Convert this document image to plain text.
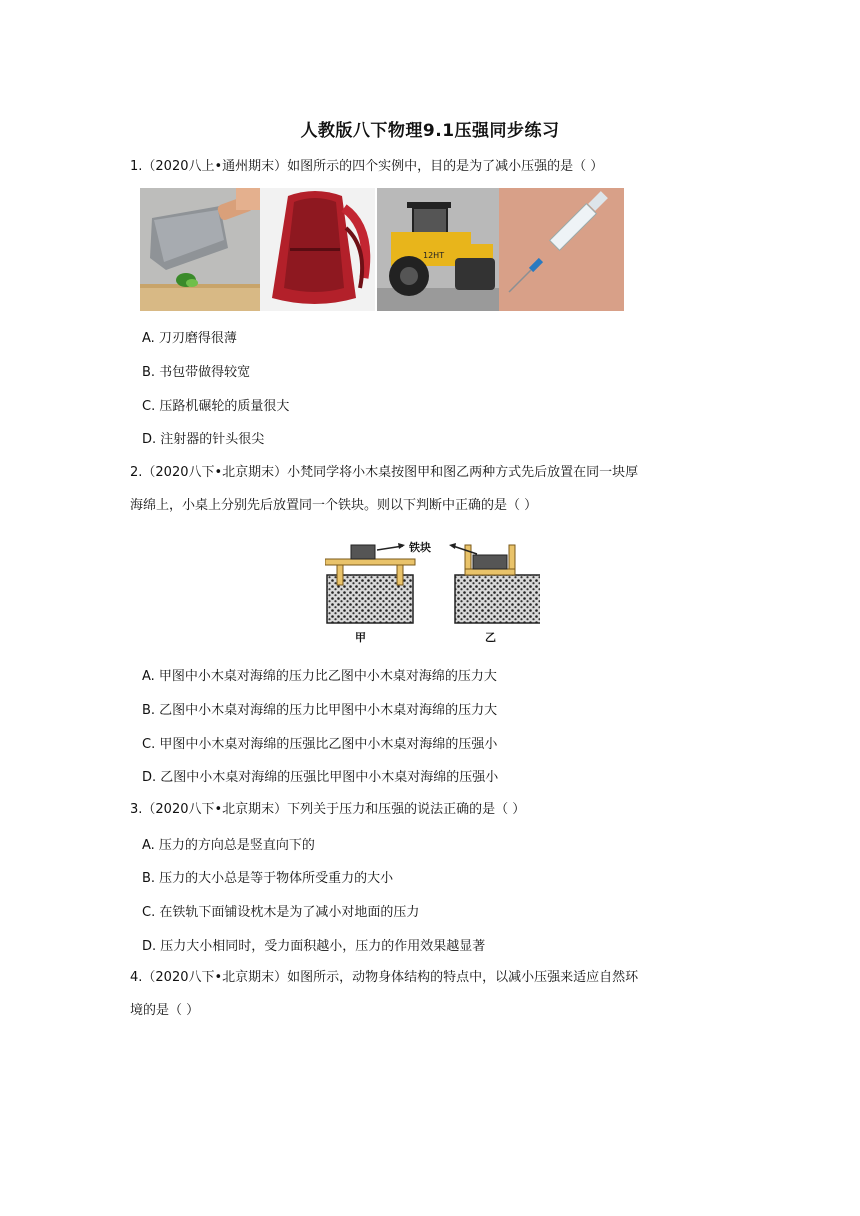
人教版八下物理9.1压强同步练习
1.（2020八上•通州期末）如图所示的四个实例中，目的是为了减小压强的是（ ）
12HT
A. 刀刃磨得很薄
B. 书包带做得较宽
C. 压路机碾轮的质量很大
D. 注射器的针头很尖
2.（2020八下•北京期末）小梵同学将小木桌按图甲和图乙两种方式先后放置在同一块厚
海绵上，小桌上分别先后放置同一个铁块。则以下判断中正确的是（ ）
铁块
甲	乙
A. 甲图中小木桌对海绵的压力比乙图中小木桌对海绵的压力大
B. 乙图中小木桌对海绵的压力比甲图中小木桌对海绵的压力大
C. 甲图中小木桌对海绵的压强比乙图中小木桌对海绵的压强小
D. 乙图中小木桌对海绵的压强比甲图中小木桌对海绵的压强小
3.（2020八下•北京期末）下列关于压力和压强的说法正确的是（ ）
A. 压力的方向总是竖直向下的
B. 压力的大小总是等于物体所受重力的大小
C. 在铁轨下面铺设枕木是为了减小对地面的压力
D. 压力大小相同时，受力面积越小，压力的作用效果越显著
4.（2020八下•北京期末）如图所示，动物身体结构的特点中，以减小压强来适应自然环
境的是（ ）
